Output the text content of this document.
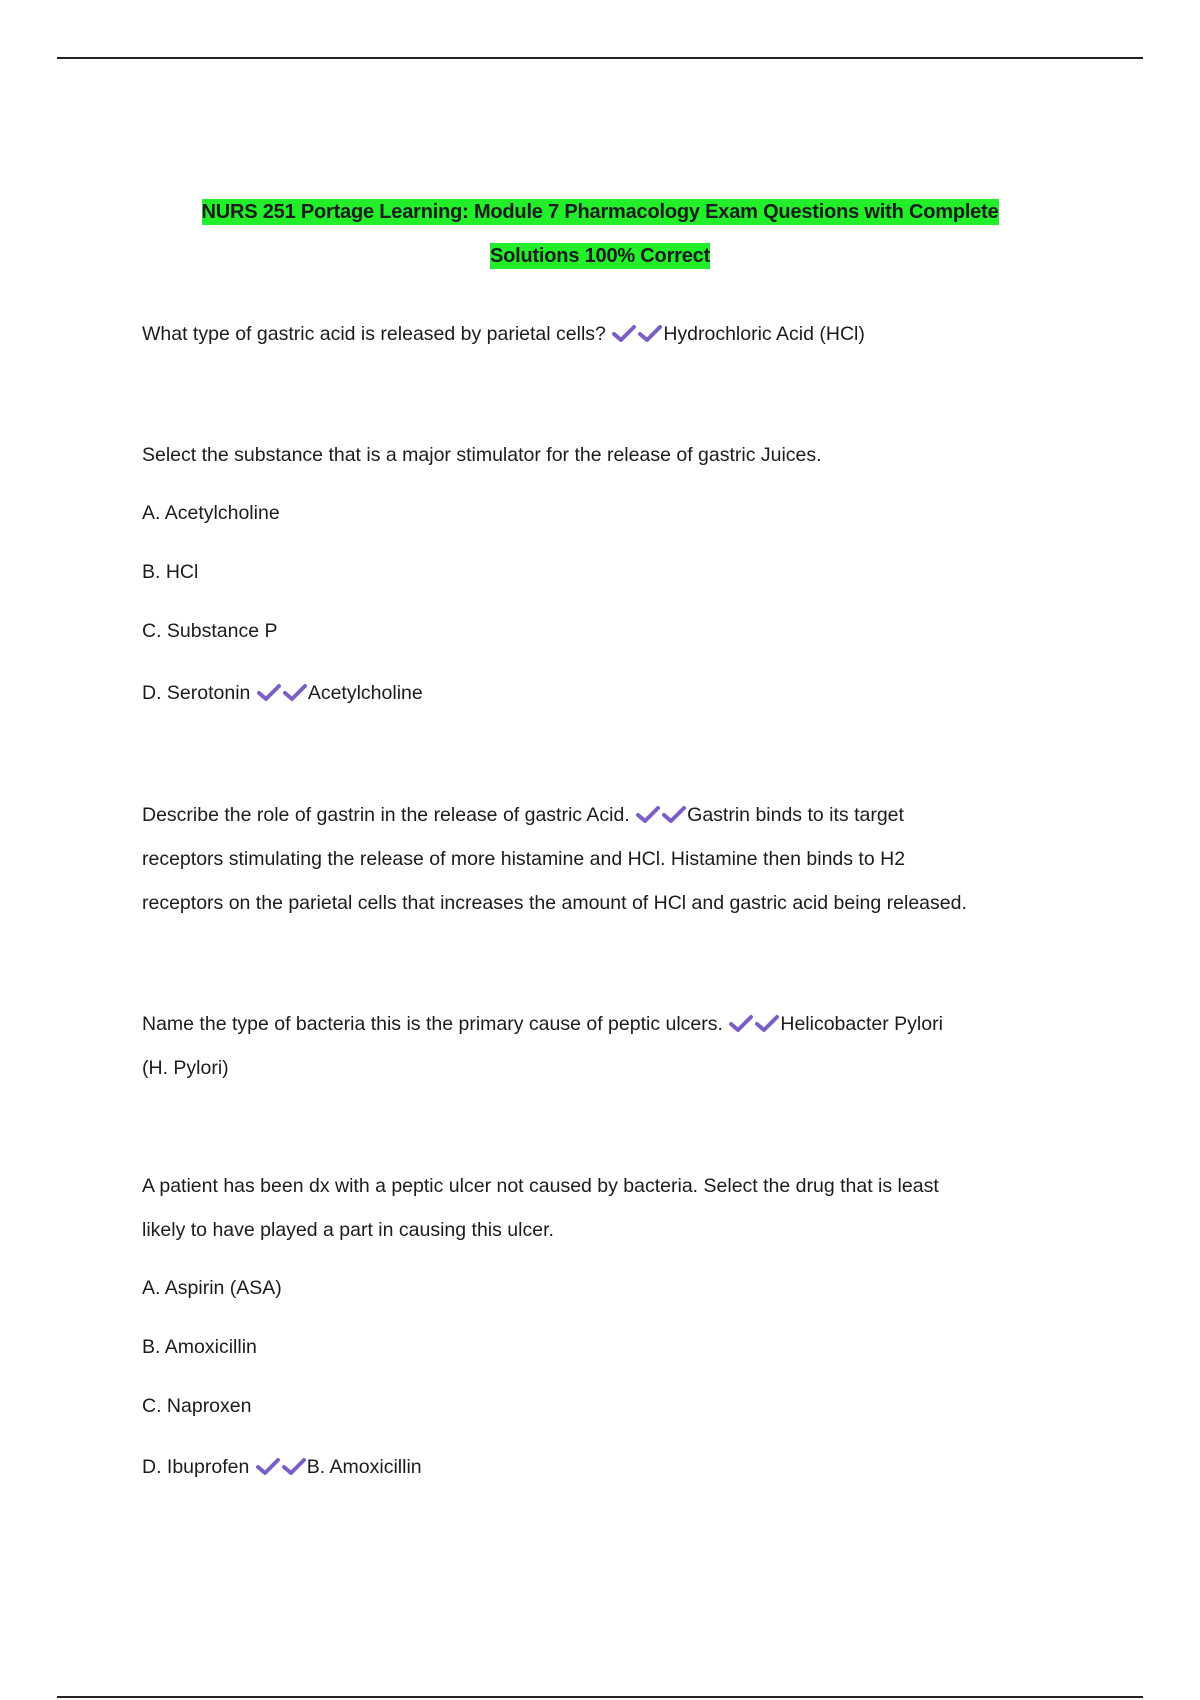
NURS 251 Portage Learning: Module 7 Pharmacology Exam Questions with Complete
Solutions 100% Correct

What type of gastric acid is released by parietal cells?	Hydrochloric Acid (HCl)

Select the substance that is a major stimulator for the release of gastric Juices.

A. Acetylcholine

B. HCl

C. Substance P

D. Serotonin	Acetylcholine

Describe the role of gastrin in the release of gastric Acid.	Gastrin binds to its target

receptors stimulating the release of more histamine and HCl. Histamine then binds to H2

receptors on the parietal cells that increases the amount of HCl and gastric acid being released.

Name the type of bacteria this is the primary cause of peptic ulcers.	Helicobacter Pylori

(H. Pylori)

A patient has been dx with a peptic ulcer not caused by bacteria. Select the drug that is least

likely to have played a part in causing this ulcer.

A. Aspirin (ASA)

B. Amoxicillin

C. Naproxen

D. Ibuprofen	B. Amoxicillin
